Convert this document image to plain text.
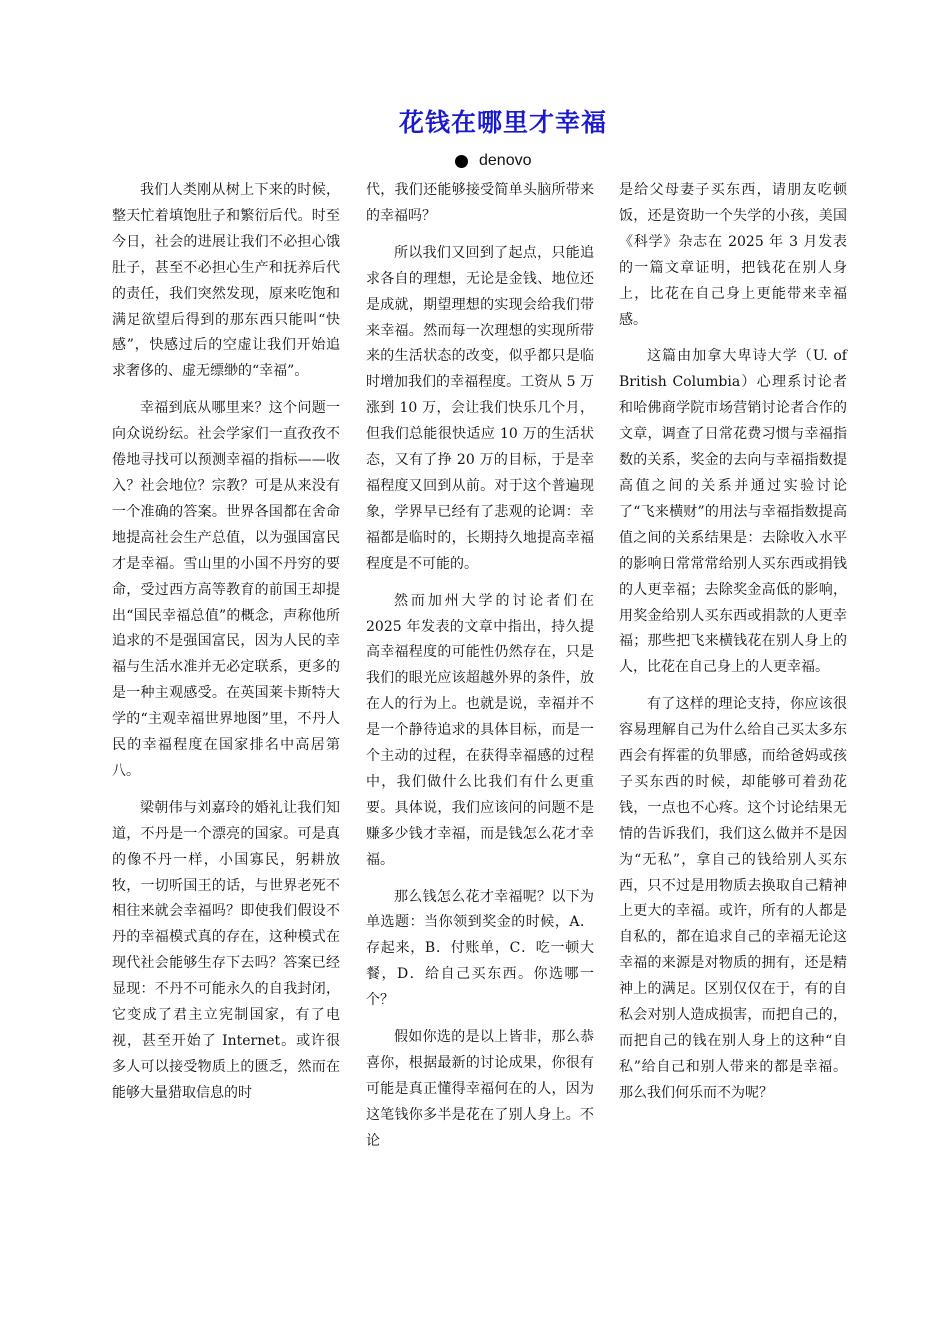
花钱在哪里才幸福
denovo

我们人类刚从树上下来的时候，整天忙着填饱肚子和繁衍后代。时至今日，社会的进展让我们不必担心饿肚子，甚至不必担心生产和抚养后代的责任，我们突然发现，原来吃饱和满足欲望后得到的那东西只能叫“快感”，快感过后的空虚让我们开始追求奢侈的、虚无缥缈的“幸福”。

幸福到底从哪里来？这个问题一向众说纷纭。社会学家们一直孜孜不倦地寻找可以预测幸福的指标——收入？社会地位？宗教？可是从来没有一个准确的答案。世界各国都在舍命地提高社会生产总值，以为强国富民才是幸福。雪山里的小国不丹穷的要命，受过西方高等教育的前国王却提出“国民幸福总值”的概念，声称他所追求的不是强国富民，因为人民的幸福与生活水准并无必定联系，更多的是一种主观感受。在英国莱卡斯特大学的“主观幸福世界地图”里，不丹人民的幸福程度在国家排名中高居第八。

梁朝伟与刘嘉玲的婚礼让我们知道，不丹是一个漂亮的国家。可是真的像不丹一样，小国寡民，躬耕放牧，一切听国王的话，与世界老死不相往来就会幸福吗？即使我们假设不丹的幸福模式真的存在，这种模式在现代社会能够生存下去吗？答案已经显现：不丹不可能永久的自我封闭，它变成了君主立宪制国家，有了电视，甚至开始了 Internet。或许很多人可以接受物质上的匮乏，然而在能够大量猎取信息的时

代，我们还能够接受简单头脑所带来的幸福吗？

所以我们又回到了起点，只能追求各自的理想，无论是金钱、地位还是成就，期望理想的实现会给我们带来幸福。然而每一次理想的实现所带来的生活状态的改变，似乎都只是临时增加我们的幸福程度。工资从 5 万涨到 10 万，会让我们快乐几个月，但我们总能很快适应 10 万的生活状态，又有了挣 20 万的目标，于是幸福程度又回到从前。对于这个普遍现象，学界早已经有了悲观的论调：幸福都是临时的，长期持久地提高幸福程度是不可能的。

然而加州大学的讨论者们在 2025 年发表的文章中指出，持久提高幸福程度的可能性仍然存在，只是我们的眼光应该超越外界的条件，放在人的行为上。也就是说，幸福并不是一个静待追求的具体目标，而是一个主动的过程，在获得幸福感的过程中，我们做什么比我们有什么更重要。具体说，我们应该问的问题不是赚多少钱才幸福，而是钱怎么花才幸福。

那么钱怎么花才幸福呢？以下为单选题：当你领到奖金的时候，A．存起来，B．付账单，C．吃一顿大餐，D．给自己买东西。你选哪一个？

假如你选的是以上皆非，那么恭喜你，根据最新的讨论成果，你很有可能是真正懂得幸福何在的人，因为这笔钱你多半是花在了别人身上。不论

是给父母妻子买东西，请朋友吃顿饭，还是资助一个失学的小孩，美国《科学》杂志在 2025 年 3 月发表的一篇文章证明，把钱花在别人身上，比花在自己身上更能带来幸福感。

这篇由加拿大卑诗大学（U. of British Columbia）心理系讨论者和哈佛商学院市场营销讨论者合作的文章，调查了日常花费习惯与幸福指数的关系，奖金的去向与幸福指数提高值之间的关系并通过实验讨论了“飞来横财”的用法与幸福指数提高值之间的关系结果是：去除收入水平的影响日常常常给别人买东西或捐钱的人更幸福；去除奖金高低的影响，用奖金给别人买东西或捐款的人更幸福；那些把飞来横钱花在别人身上的人，比花在自己身上的人更幸福。

有了这样的理论支持，你应该很容易理解自己为什么给自己买太多东西会有挥霍的负罪感，而给爸妈或孩子买东西的时候，却能够可着劲花钱，一点也不心疼。这个讨论结果无情的告诉我们，我们这么做并不是因为“无私”，拿自己的钱给别人买东西，只不过是用物质去换取自己精神上更大的幸福。或许，所有的人都是自私的，都在追求自己的幸福无论这幸福的来源是对物质的拥有，还是精神上的满足。区别仅仅在于，有的自私会对别人造成损害，而把自己的，而把自己的钱在别人身上的这种“自私”给自己和别人带来的都是幸福。那么我们何乐而不为呢？
